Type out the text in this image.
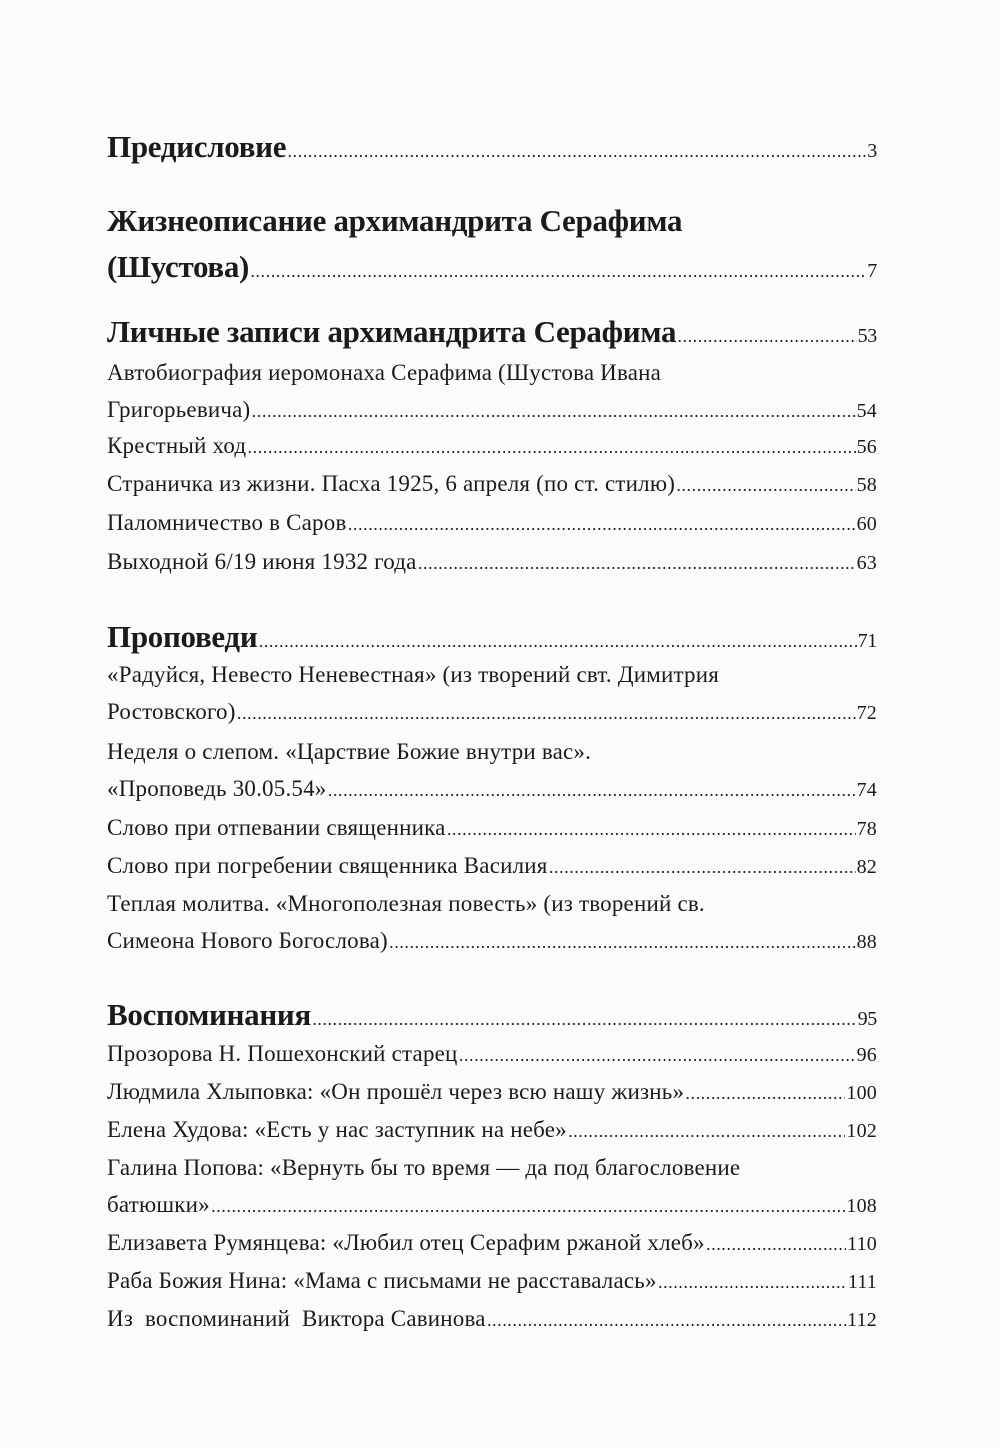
Предисловие .....	3
Жизнеописание архимандрита Серафима
(Шустова) .....	7
Личные записи архимандрита Серафима .....	53
Автобиография иеромонаха Серафима (Шустова Ивана
Григорьевича) .....	54
Крестный ход .....	56
Страничка из жизни. Пасха 1925, 6 апреля (по ст. стилю) .....	58
Паломничество в Саров .....	60
Выходной 6/19 июня 1932 года .....	63
Проповеди .....	71
«Радуйся, Невесто Неневестная» (из творений свт. Димитрия
Ростовского) .....	72
Неделя о слепом. «Царствие Божие внутри вас».
«Проповедь 30.05.54» .....	74
Слово при отпевании священника .....	78
Слово при погребении священника Василия .....	82
Теплая молитва. «Многополезная повесть» (из творений св.
Симеона Нового Богослова) .....	88
Воспоминания .....	95
Прозорова Н. Пошехонский старец .....	96
Людмила Хлыповка: «Он прошёл через всю нашу жизнь» .....	100
Елена Худова: «Есть у нас заступник на небе» .....	102
Галина Попова: «Вернуть бы то время — да под благословение
батюшки» .....	108
Елизавета Румянцева: «Любил отец Серафим ржаной хлеб» .....	110
Раба Божия Нина: «Мама с письмами не расставалась» .....	111
Из  воспоминаний  Виктора Савинова .....	112
